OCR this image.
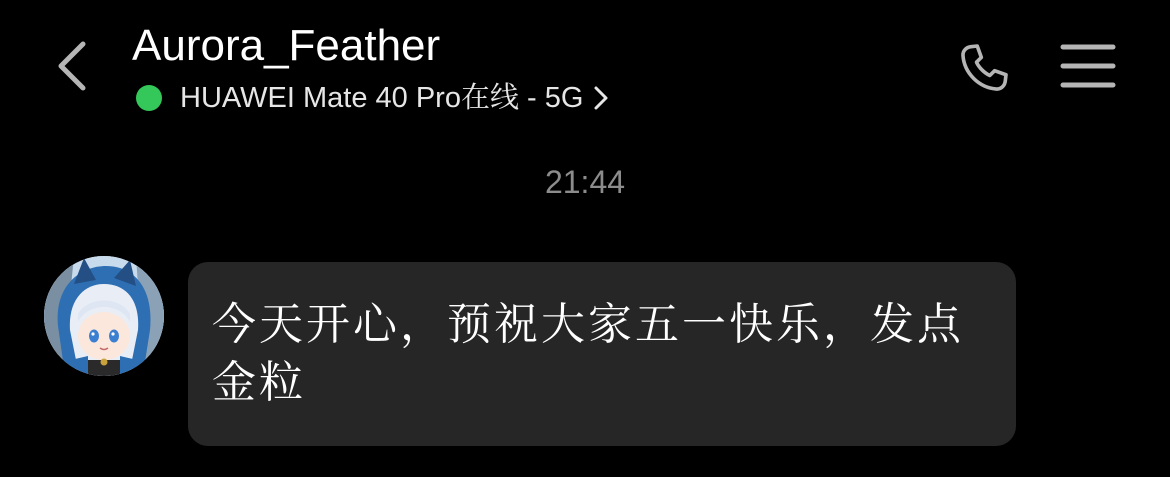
Aurora_Feather
HUAWEI Mate 40 Pro在线 - 5G
21:44
今天开心，预祝大家五一快乐，发点金粒
